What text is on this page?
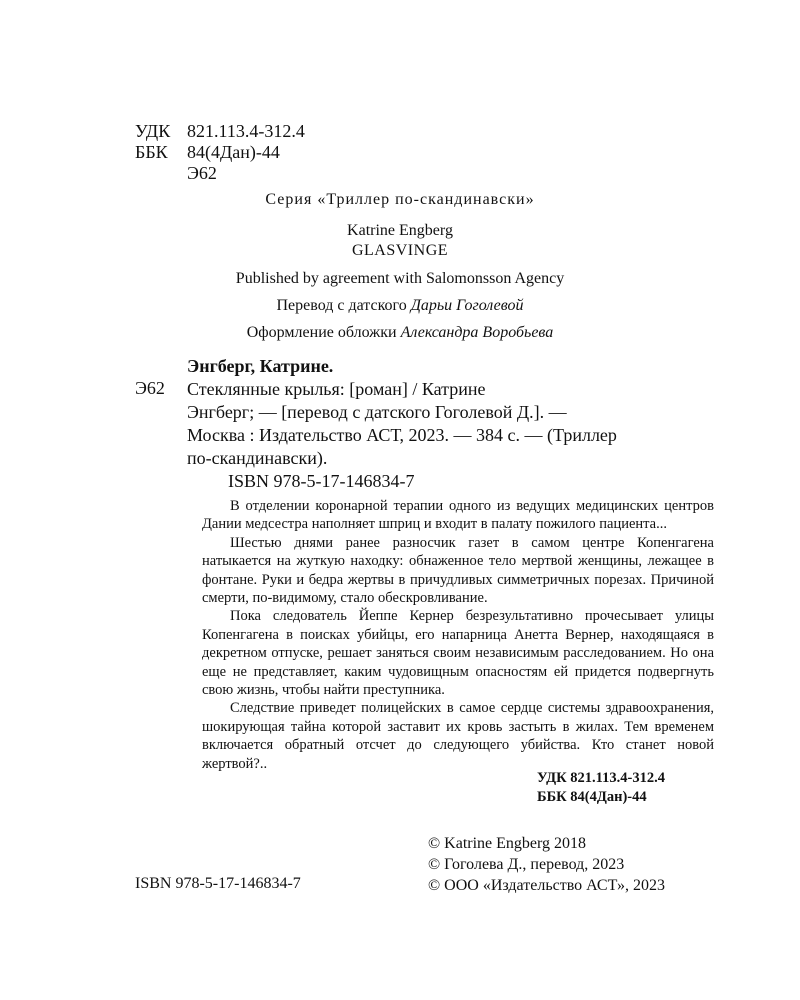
УДК 821.113.4-312.4
ББК 84(4Дан)-44
Э62
Серия «Триллер по-скандинавски»
Katrine Engberg
GLASVINGE
Published by agreement with Salomonsson Agency
Перевод с датского Дарьи Гоголевой
Оформление обложки Александра Воробьева
Энгберг, Катрине.
Э62 Стеклянные крылья: [роман] / Катрине
Энгберг; — [перевод с датского Гоголевой Д.]. —
Москва : Издательство АСТ, 2023. — 384 с. — (Триллер
по-скандинавски).
ISBN 978-5-17-146834-7

В отделении коронарной терапии одного из ведущих медицинских центров Дании медсестра наполняет шприц и входит в палату пожилого пациента...

Шестью днями ранее разносчик газет в самом центре Копенгагена натыкается на жуткую находку: обнаженное тело мертвой женщины, лежащее в фонтане. Руки и бедра жертвы в причудливых симметричных порезах. Причиной смерти, по-видимому, стало обескровливание.

Пока следователь Йеппе Кернер безрезультативно прочесывает улицы Копенгагена в поисках убийцы, его напарница Анетта Вернер, находящаяся в декретном отпуске, решает заняться своим независимым расследованием. Но она еще не представляет, каким чудовищным опасностям ей придется подвергнуть свою жизнь, чтобы найти преступника.

Следствие приведет полицейских в самое сердце системы здравоохранения, шокирующая тайна которой заставит их кровь застыть в жилах. Тем временем включается обратный отсчет до следующего убийства. Кто станет новой жертвой?..

УДК 821.113.4-312.4
ББК 84(4Дан)-44
© Katrine Engberg 2018
© Гоголева Д., перевод, 2023
© ООО «Издательство АСТ», 2023
ISBN 978-5-17-146834-7
